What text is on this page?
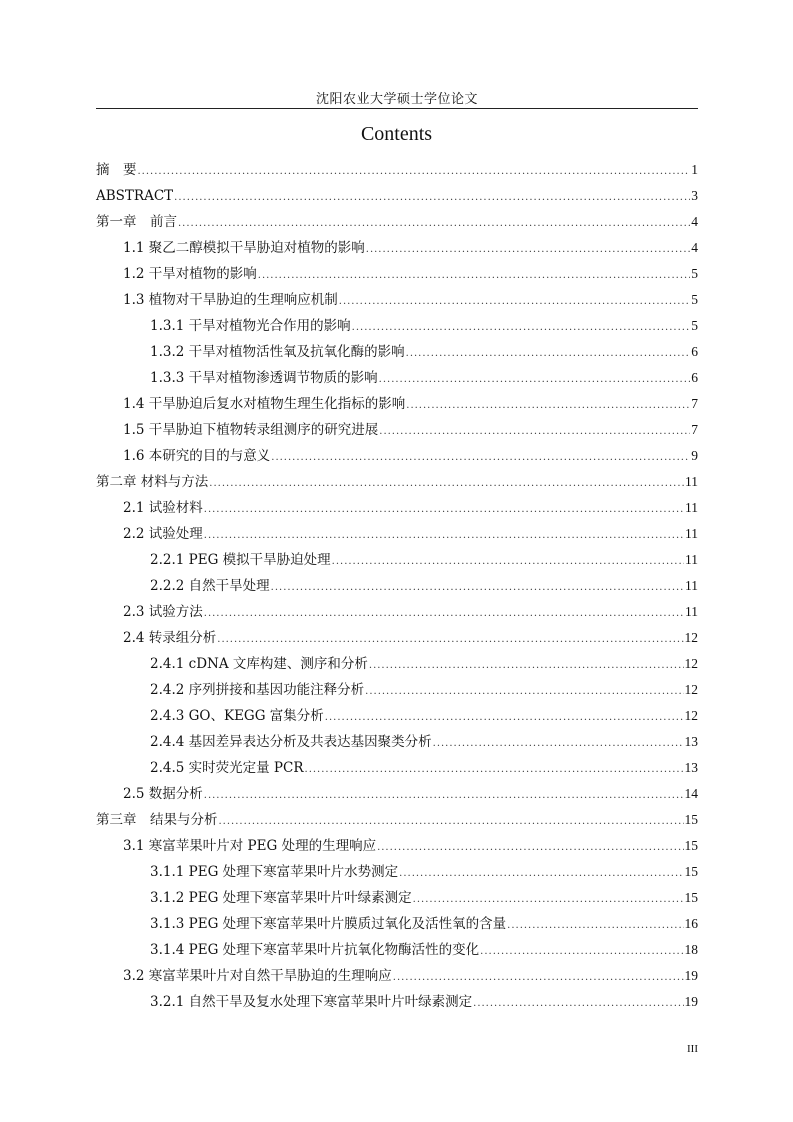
沈阳农业大学硕士学位论文
Contents
摘　要 .....	1
ABSTRACT .....	3
第一章　前言 .....	4
1.1 聚乙二醇模拟干旱胁迫对植物的影响 .....	4
1.2 干旱对植物的影响 .....	5
1.3 植物对干旱胁迫的生理响应机制 .....	5
1.3.1 干旱对植物光合作用的影响 .....	5
1.3.2 干旱对植物活性氧及抗氧化酶的影响 .....	6
1.3.3 干旱对植物渗透调节物质的影响 .....	6
1.4 干旱胁迫后复水对植物生理生化指标的影响 .....	7
1.5 干旱胁迫下植物转录组测序的研究进展 .....	7
1.6 本研究的目的与意义 .....	9
第二章 材料与方法 .....	11
2.1 试验材料 .....	11
2.2 试验处理 .....	11
2.2.1 PEG 模拟干旱胁迫处理 .....	11
2.2.2 自然干旱处理 .....	11
2.3 试验方法 .....	11
2.4 转录组分析 .....	12
2.4.1 cDNA 文库构建、测序和分析 .....	12
2.4.2 序列拼接和基因功能注释分析 .....	12
2.4.3 GO、KEGG 富集分析 .....	12
2.4.4 基因差异表达分析及共表达基因聚类分析 .....	13
2.4.5 实时荧光定量 PCR .....	13
2.5 数据分析 .....	14
第三章　结果与分析 .....	15
3.1 寒富苹果叶片对 PEG 处理的生理响应 .....	15
3.1.1 PEG 处理下寒富苹果叶片水势测定 .....	15
3.1.2 PEG 处理下寒富苹果叶片叶绿素测定 .....	15
3.1.3 PEG 处理下寒富苹果叶片膜质过氧化及活性氧的含量 .....	16
3.1.4 PEG 处理下寒富苹果叶片抗氧化物酶活性的变化 .....	18
3.2 寒富苹果叶片对自然干旱胁迫的生理响应 .....	19
3.2.1 自然干旱及复水处理下寒富苹果叶片叶绿素测定 .....	19
III
